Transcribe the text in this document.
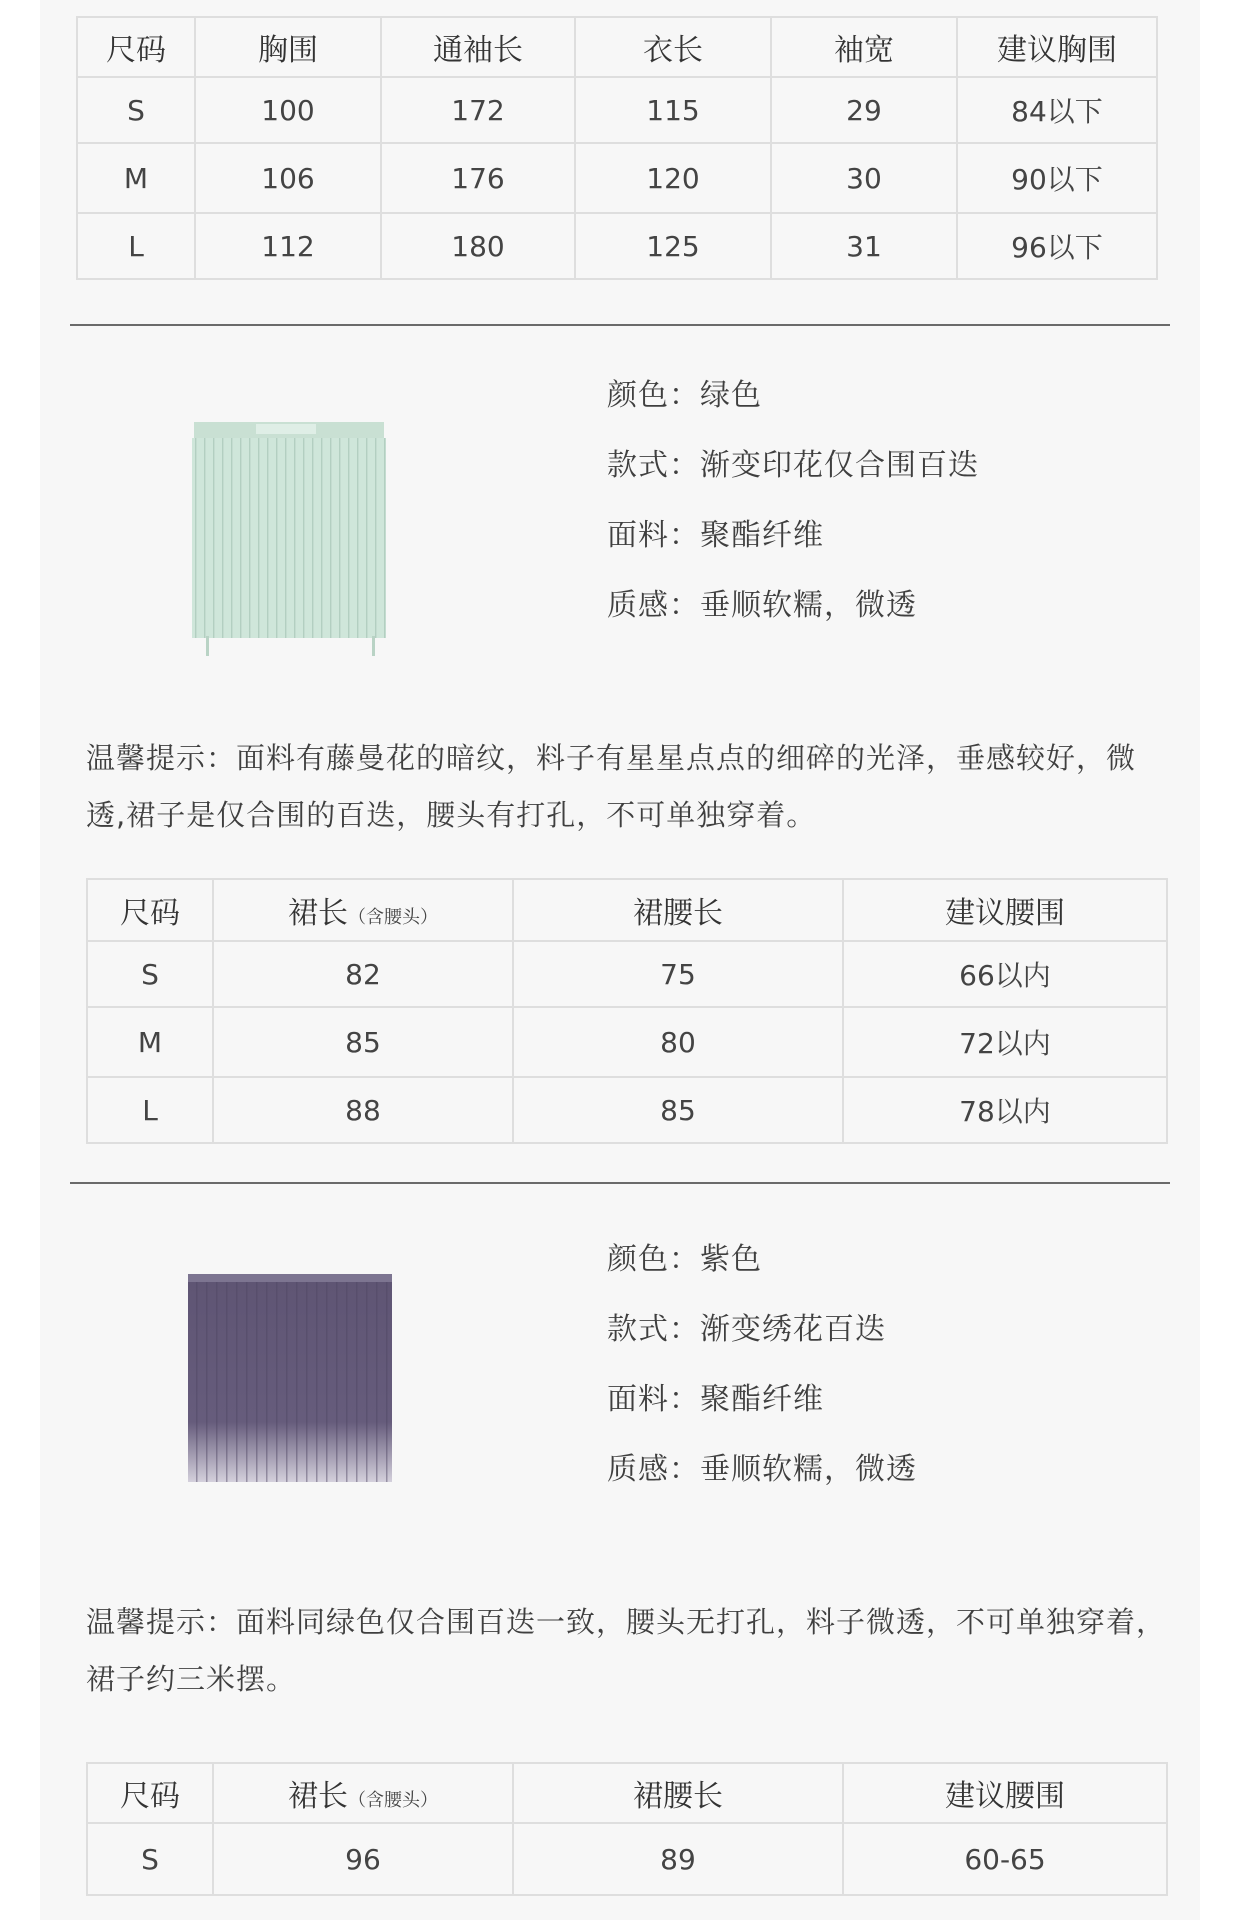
尺码	胸围	通袖长	衣长	袖宽	建议胸围
S	100	172	115	29	84以下
M	106	176	120	30	90以下
L	112	180	125	31	96以下
颜色：绿色
款式：渐变印花仅合围百迭
面料：聚酯纤维
质感：垂顺软糯，微透
温馨提示：面料有藤曼花的暗纹，料子有星星点点的细碎的光泽，垂感较好，微透,裙子是仅合围的百迭，腰头有打孔，不可单独穿着。
尺码	裙长（含腰头）	裙腰长	建议腰围
S	82	75	66以内
M	85	80	72以内
L	88	85	78以内
颜色：紫色
款式：渐变绣花百迭
面料：聚酯纤维
质感：垂顺软糯，微透
温馨提示：面料同绿色仅合围百迭一致，腰头无打孔，料子微透，不可单独穿着，裙子约三米摆。
尺码	裙长（含腰头）	裙腰长	建议腰围
S	96	89	60-65
